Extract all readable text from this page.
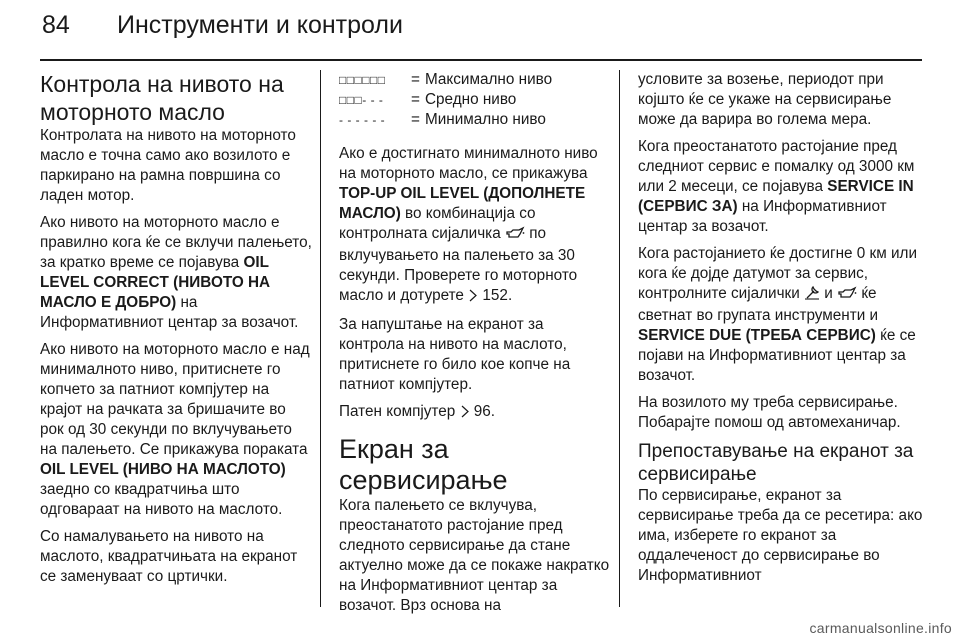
84 Инструменти и контроли
Контрола на нивото на моторното масло

Контролата на нивото на моторното масло е точна само ако возилото е паркирано на рамна површина со ладен мотор.

Ако нивото на моторното масло е правилно кога ќе се вклучи палењето, за кратко време се појавува OIL LEVEL CORRECT (НИВОТО НА МАСЛО Е ДОБРО) на Информативниот центар за возачот.

Ако нивото на моторното масло е над минималното ниво, притиснете го копчето за патниот компјутер на крајот на рачката за бришачите во рок од 30 секунди по вклучувањето на палењето. Се прикажува пораката OIL LEVEL (НИВО НА МАСЛОТО) заедно со квадратчињa што одговараат на нивото на маслото.

Со намалувањето на нивото на маслото, квадратчињата на екранот се заменуваат со цртички.

□□□□□□	= Максимално ниво
□□□- - -	= Средно ниво
- - - - - -	= Минимално ниво

Ако е достигнато минималното ниво на моторното масло, се прикажува TOP-UP OIL LEVEL (ДОПОЛНЕТЕ МАСЛО) во комбинација со контролната сијаличка  по вклучувањето на палењето за 30 секунди. Проверете го моторното масло и дотурете  152.

За напуштање на екранот за контрола на нивото на маслото, притиснете го било кое копче на патниот компјутер.

Патен компјутер  96.

Екран за сервисирање

Кога палењето се вклучува, преостанатото растојание пред следното сервисирање да стане актуелно може да се покаже накратко на Информативниот центар за возачот. Врз основа на

условите за возење, периодот при којшто ќе се укаже на сервисирање може да варира во голема мера.

Кога преостанатото растојание пред следниот сервис е помалку од 3000 км или 2 месеци, се појавува SERVICE IN (СЕРВИС ЗА) на Информативниот центар за возачот.

Кога растојанието ќе достигне 0 км или кога ќе дојде датумот за сервис, контролните сијалички  и  ќе светнат во групата инструменти и SERVICE DUE (ТРЕБА СЕРВИС) ќе се појави на Информативниот центар за возачот.

На возилото му треба сервисирање. Побарајте помош од автомеханичар.

Препоставување на екранот за сервисирање

По сервисирање, екранот за сервисирање треба да се ресетира: ако има, изберете го екранот за оддалеченост до сервисирање во Информативниот

carmanualsonline.info
